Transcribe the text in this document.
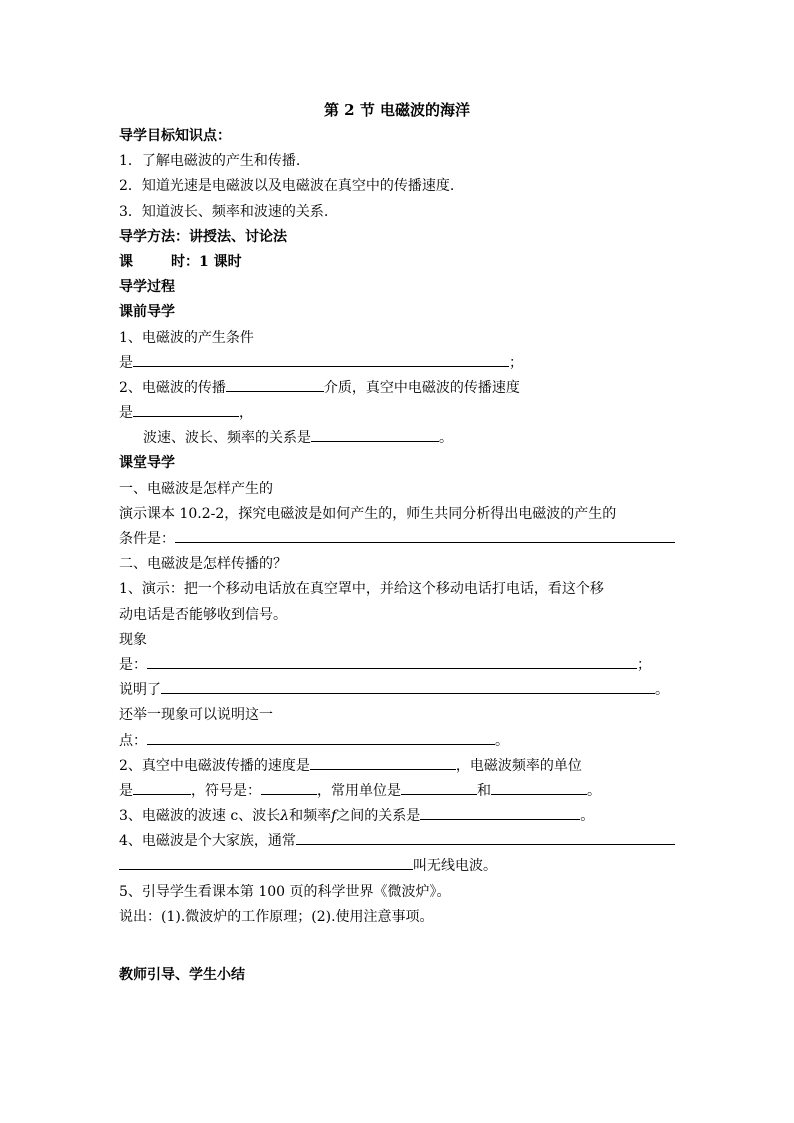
第 2 节 电磁波的海洋
导学目标知识点：
1．了解电磁波的产生和传播.
2．知道光速是电磁波以及电磁波在真空中的传播速度.
3．知道波长、频率和波速的关系.
导学方法：讲授法、讨论法
课	时：1 课时
导学过程
课前导学
1、电磁波的产生条件
是	；
2、电磁波的传播	介质，真空中电磁波的传播速度
是	，
波速、波长、频率的关系是	。
课堂导学
一、电磁波是怎样产生的
演示课本 10.2-2，探究电磁波是如何产生的，师生共同分析得出电磁波的产生的
条件是：
二、电磁波是怎样传播的？
1、演示：把一个移动电话放在真空罩中，并给这个移动电话打电话，看这个移
动电话是否能够收到信号。
现象
是：	；
说明了	。
还举一现象可以说明这一
点：	。
2、真空中电磁波传播的速度是	，电磁波频率的单位
是	，符号是：	，常用单位是	和	。
3、电磁波的波速 c、波长λ和频率f之间的关系是	。
4、电磁波是个大家族，通常
叫无线电波。
5、引导学生看课本第 100 页的科学世界《微波炉》。
说出：(1).微波炉的工作原理；(2).使用注意事项。
教师引导、学生小结
